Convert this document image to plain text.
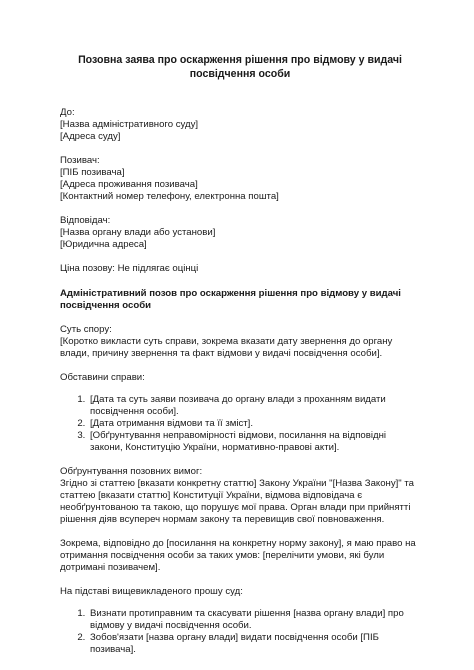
Позовна заява про оскарження рішення про відмову у видачі посвідчення особи
До:
[Назва адміністративного суду]
[Адреса суду]
Позивач:
[ПІБ позивача]
[Адреса проживання позивача]
[Контактний номер телефону, електронна пошта]
Відповідач:
[Назва органу влади або установи]
[Юридична адреса]

Ціна позову: Не підлягає оцінці

Адміністративний позов про оскарження рішення про відмову у видачі посвідчення особи

Суть спору:

[Коротко викласти суть справи, зокрема вказати дату звернення до органу влади, причину звернення та факт відмови у видачі посвідчення особи].

Обставини справи:
1. [Дата та суть заяви позивача до органу влади з проханням видати посвідчення особи].
2. [Дата отримання відмови та її зміст].
3. [Обґрунтування неправомірності відмови, посилання на відповідні закони, Конституцію України, нормативно-правові акти].
Обґрунтування позовних вимог:

Згідно зі статтею [вказати конкретну статтю] Закону України "[Назва Закону]" та статтею [вказати статтю] Конституції України, відмова відповідача є необґрунтованою та такою, що порушує мої права. Орган влади при прийнятті рішення діяв всупереч нормам закону та перевищив свої повноваження.

Зокрема, відповідно до [посилання на конкретну норму закону], я маю право на отримання посвідчення особи за таких умов: [перелічити умови, які були дотримані позивачем].

На підставі вищевикладеного прошу суд:
1. Визнати протиправним та скасувати рішення [назва органу влади] про відмову у видачі посвідчення особи.
2. Зобов'язати [назва органу влади] видати посвідчення особи [ПІБ позивача].
